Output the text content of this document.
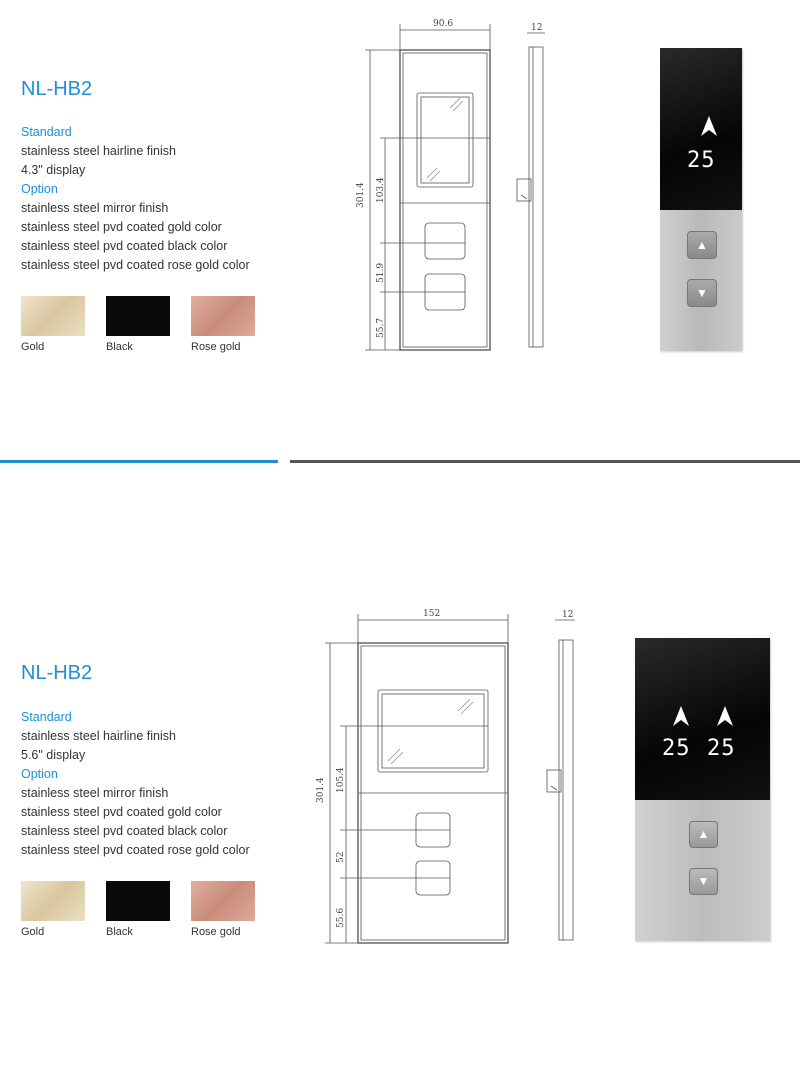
NL-HB2
Standard
stainless steel hairline finish
4.3" display
Option
stainless steel mirror finish
stainless steel pvd coated gold color
stainless steel pvd coated black color
stainless steel pvd coated rose gold color
Gold	Black	Rose gold
90.6
301.4 103.4
51.9
55.7
12
25
▲
▼
NL-HB2
Standard
stainless steel hairline finish
5.6" display
Option
stainless steel mirror finish
stainless steel pvd coated gold color
stainless steel pvd coated black color
stainless steel pvd coated rose gold color
Gold	Black	Rose gold
152
301.4 105.4
52
55.6
12
25 25
▲
▼
